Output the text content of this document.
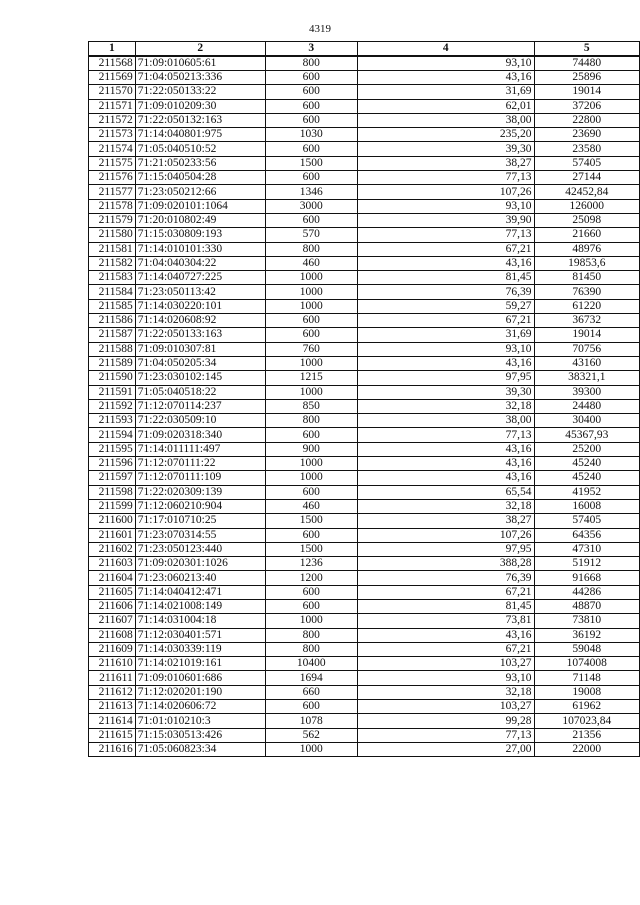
4319
1	2	3	4	5
211568	71:09:010605:61	800	93,10	74480
211569	71:04:050213:336	600	43,16	25896
211570	71:22:050133:22	600	31,69	19014
211571	71:09:010209:30	600	62,01	37206
211572	71:22:050132:163	600	38,00	22800
211573	71:14:040801:975	1030	235,20	23690
211574	71:05:040510:52	600	39,30	23580
211575	71:21:050233:56	1500	38,27	57405
211576	71:15:040504:28	600	77,13	27144
211577	71:23:050212:66	1346	107,26	42452,84
211578	71:09:020101:1064	3000	93,10	126000
211579	71:20:010802:49	600	39,90	25098
211580	71:15:030809:193	570	77,13	21660
211581	71:14:010101:330	800	67,21	48976
211582	71:04:040304:22	460	43,16	19853,6
211583	71:14:040727:225	1000	81,45	81450
211584	71:23:050113:42	1000	76,39	76390
211585	71:14:030220:101	1000	59,27	61220
211586	71:14:020608:92	600	67,21	36732
211587	71:22:050133:163	600	31,69	19014
211588	71:09:010307:81	760	93,10	70756
211589	71:04:050205:34	1000	43,16	43160
211590	71:23:030102:145	1215	97,95	38321,1
211591	71:05:040518:22	1000	39,30	39300
211592	71:12:070114:237	850	32,18	24480
211593	71:22:030509:10	800	38,00	30400
211594	71:09:020318:340	600	77,13	45367,93
211595	71:14:011111:497	900	43,16	25200
211596	71:12:070111:22	1000	43,16	45240
211597	71:12:070111:109	1000	43,16	45240
211598	71:22:020309:139	600	65,54	41952
211599	71:12:060210:904	460	32,18	16008
211600	71:17:010710:25	1500	38,27	57405
211601	71:23:070314:55	600	107,26	64356
211602	71:23:050123:440	1500	97,95	47310
211603	71:09:020301:1026	1236	388,28	51912
211604	71:23:060213:40	1200	76,39	91668
211605	71:14:040412:471	600	67,21	44286
211606	71:14:021008:149	600	81,45	48870
211607	71:14:031004:18	1000	73,81	73810
211608	71:12:030401:571	800	43,16	36192
211609	71:14:030339:119	800	67,21	59048
211610	71:14:021019:161	10400	103,27	1074008
211611	71:09:010601:686	1694	93,10	71148
211612	71:12:020201:190	660	32,18	19008
211613	71:14:020606:72	600	103,27	61962
211614	71:01:010210:3	1078	99,28	107023,84
211615	71:15:030513:426	562	77,13	21356
211616	71:05:060823:34	1000	27,00	22000
